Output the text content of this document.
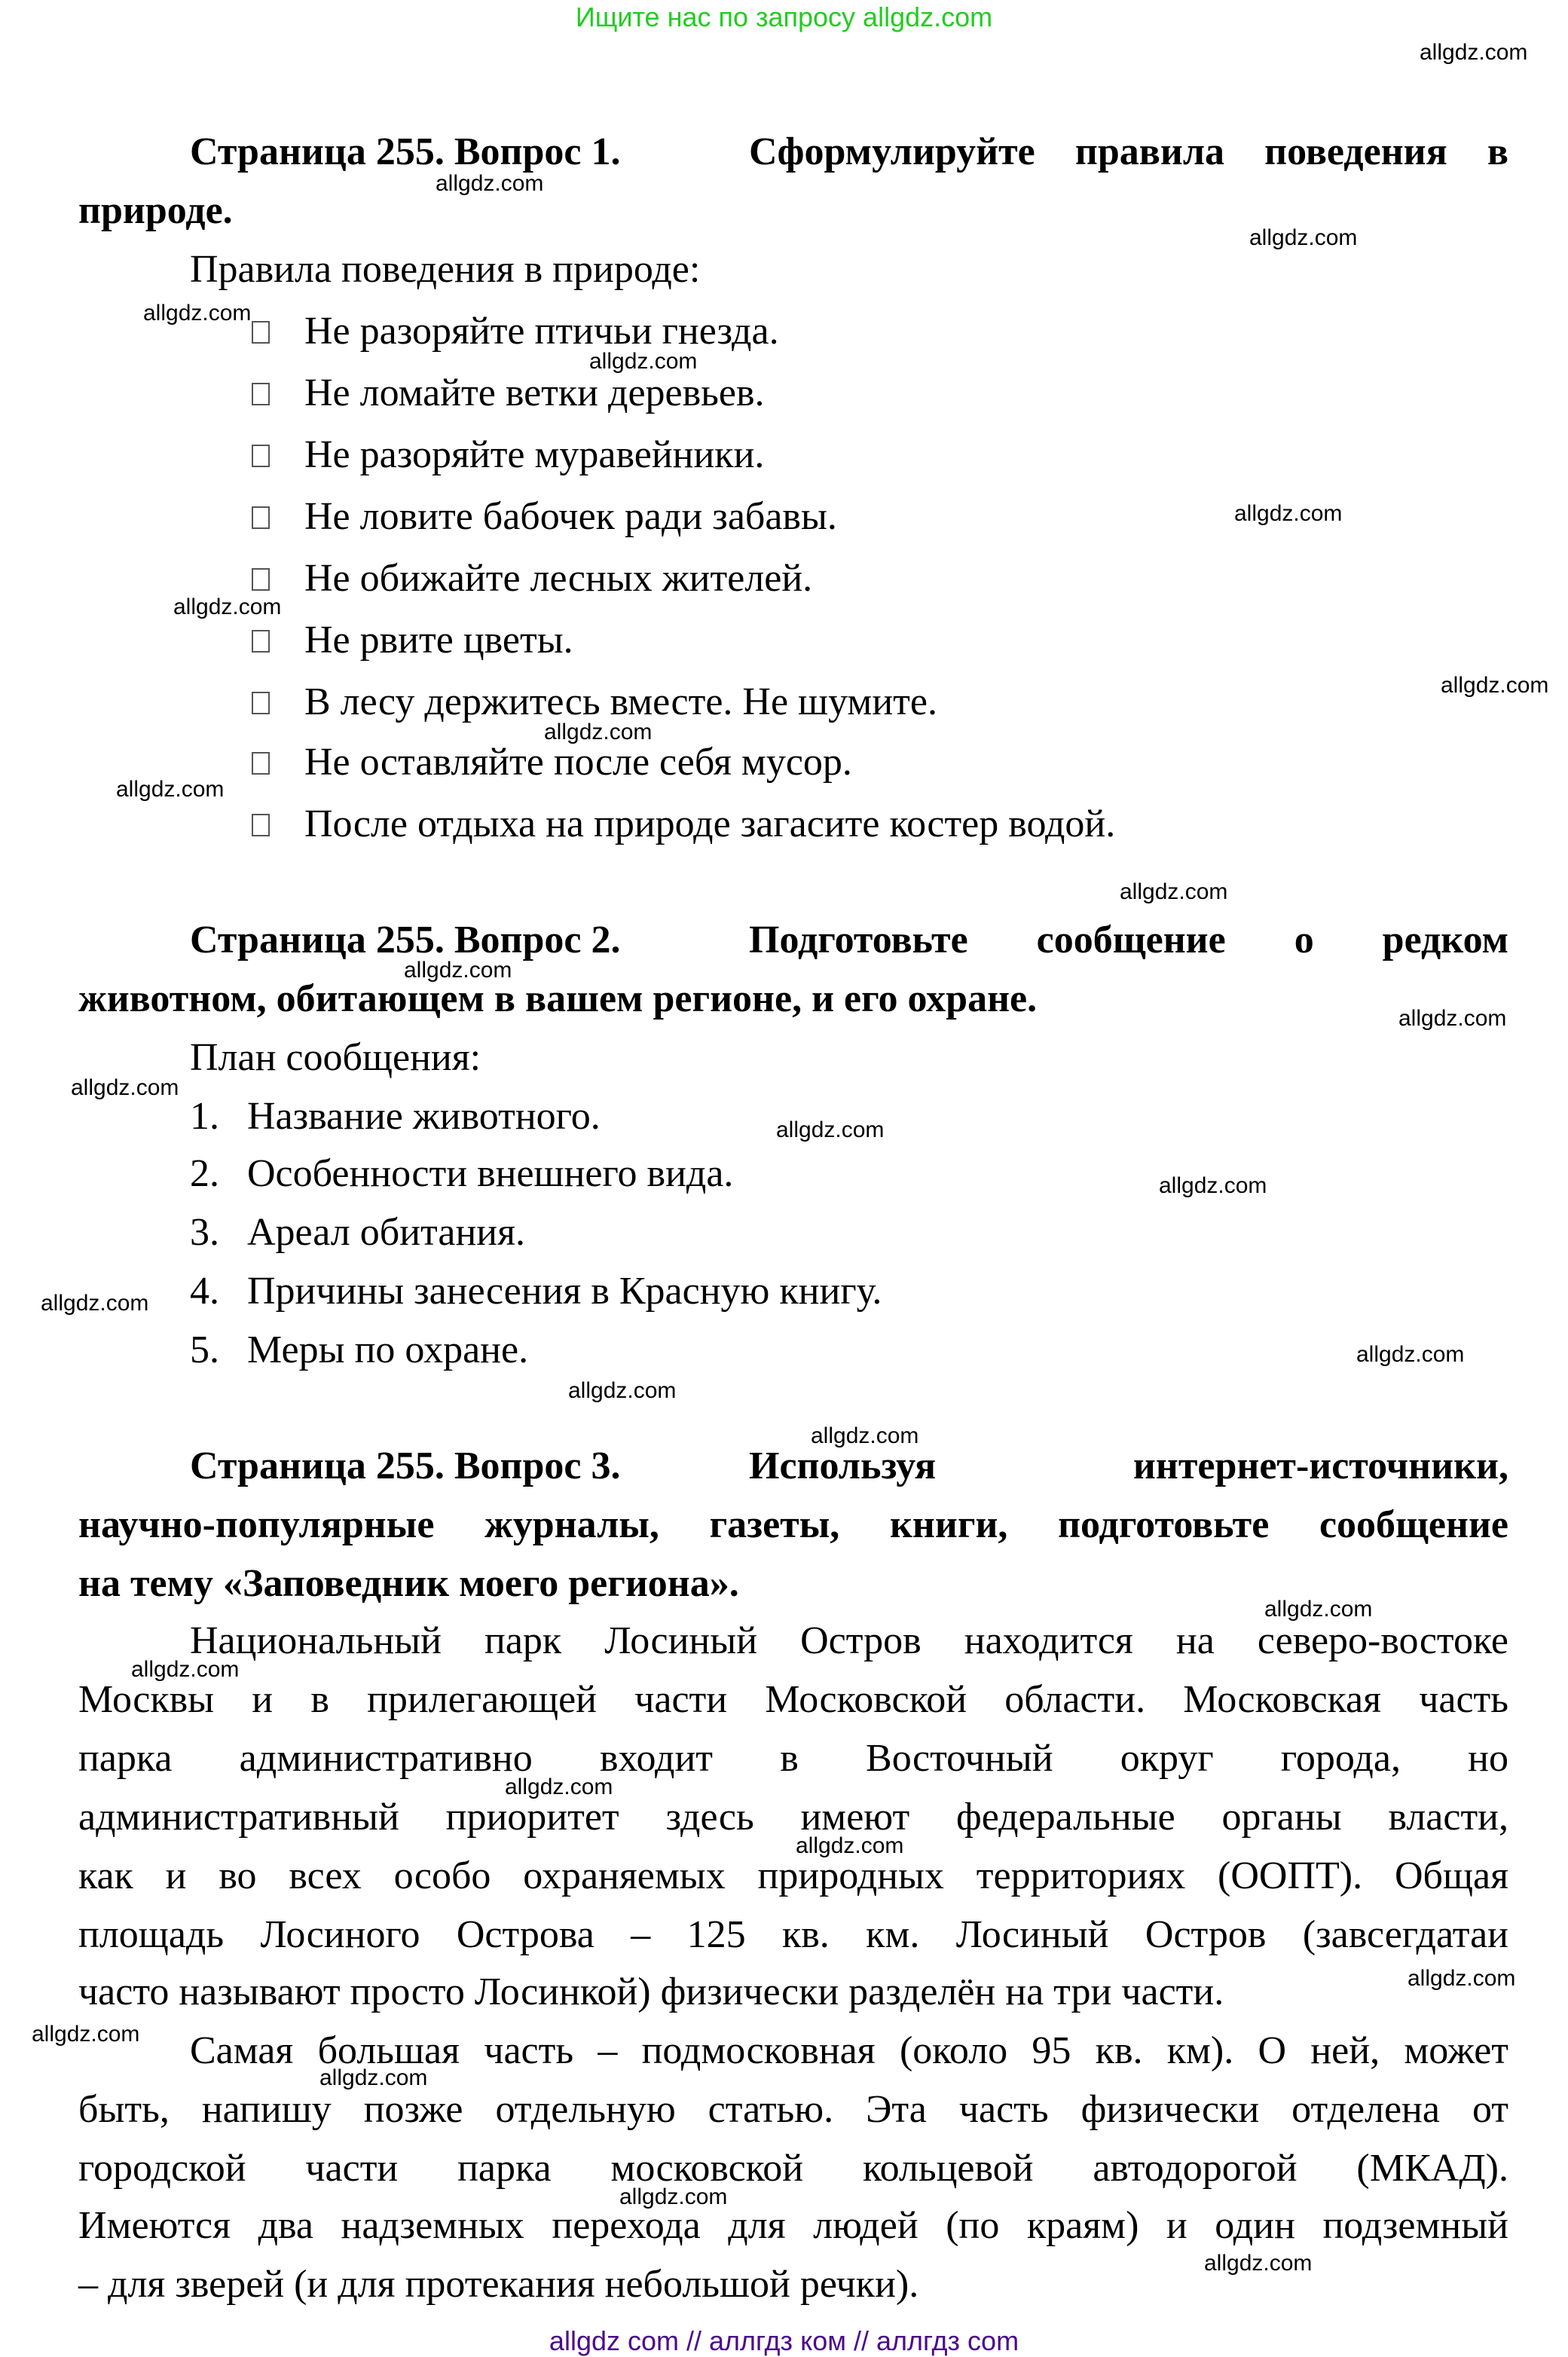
Ищите нас по запросу allgdz.com
Страница 255. Вопрос 1.	Сформулируйте правила поведения в
природе.
Правила поведения в природе:
Не разоряйте птичьи гнезда.
Не ломайте ветки деревьев.
Не разоряйте муравейники.
Не ловите бабочек ради забавы.
Не обижайте лесных жителей.
Не рвите цветы.
В лесу держитесь вместе. Не шумите.
Не оставляйте после себя мусор.
После отдыха на природе загасите костер водой.
Страница 255. Вопрос 2.	Подготовьте сообщение о редком
животном, обитающем в вашем регионе, и его охране.
План сообщения:
1. Название животного.
2. Особенности внешнего вида.
3. Ареал обитания.
4. Причины занесения в Красную книгу.
5. Меры по охране.
Страница 255. Вопрос 3.	Используя интернет-источники,
научно-популярные журналы, газеты, книги, подготовьте сообщение
на тему «Заповедник моего региона».
Национальный парк Лосиный Остров находится на северо-востоке
Москвы и в прилегающей части Московской области. Московская часть
парка административно входит в Восточный округ города, но
административный приоритет здесь имеют федеральные органы власти,
как и во всех особо охраняемых природных территориях (ООПТ). Общая
площадь Лосиного Острова – 125 кв. км. Лосиный Остров (завсегдатаи
часто называют просто Лосинкой) физически разделён на три части.
Самая большая часть – подмосковная (около 95 кв. км). О ней, может
быть, напишу позже отдельную статью. Эта часть физически отделена от
городской части парка московской кольцевой автодорогой (МКАД).
Имеются два надземных перехода для людей (по краям) и один подземный
– для зверей (и для протекания небольшой речки).
allgdz.com
allgdz.com
allgdz.com
allgdz.com
allgdz.com
allgdz.com
allgdz.com
allgdz.com
allgdz.com
allgdz.com
allgdz.com
allgdz.com
allgdz.com
allgdz.com
allgdz.com
allgdz.com
allgdz.com
allgdz.com
allgdz.com
allgdz.com
allgdz.com
allgdz.com
allgdz.com
allgdz.com
allgdz.com
allgdz.com
allgdz.com
allgdz.com
allgdz.com
allgdz com // аллгдз ком // аллгдз com
